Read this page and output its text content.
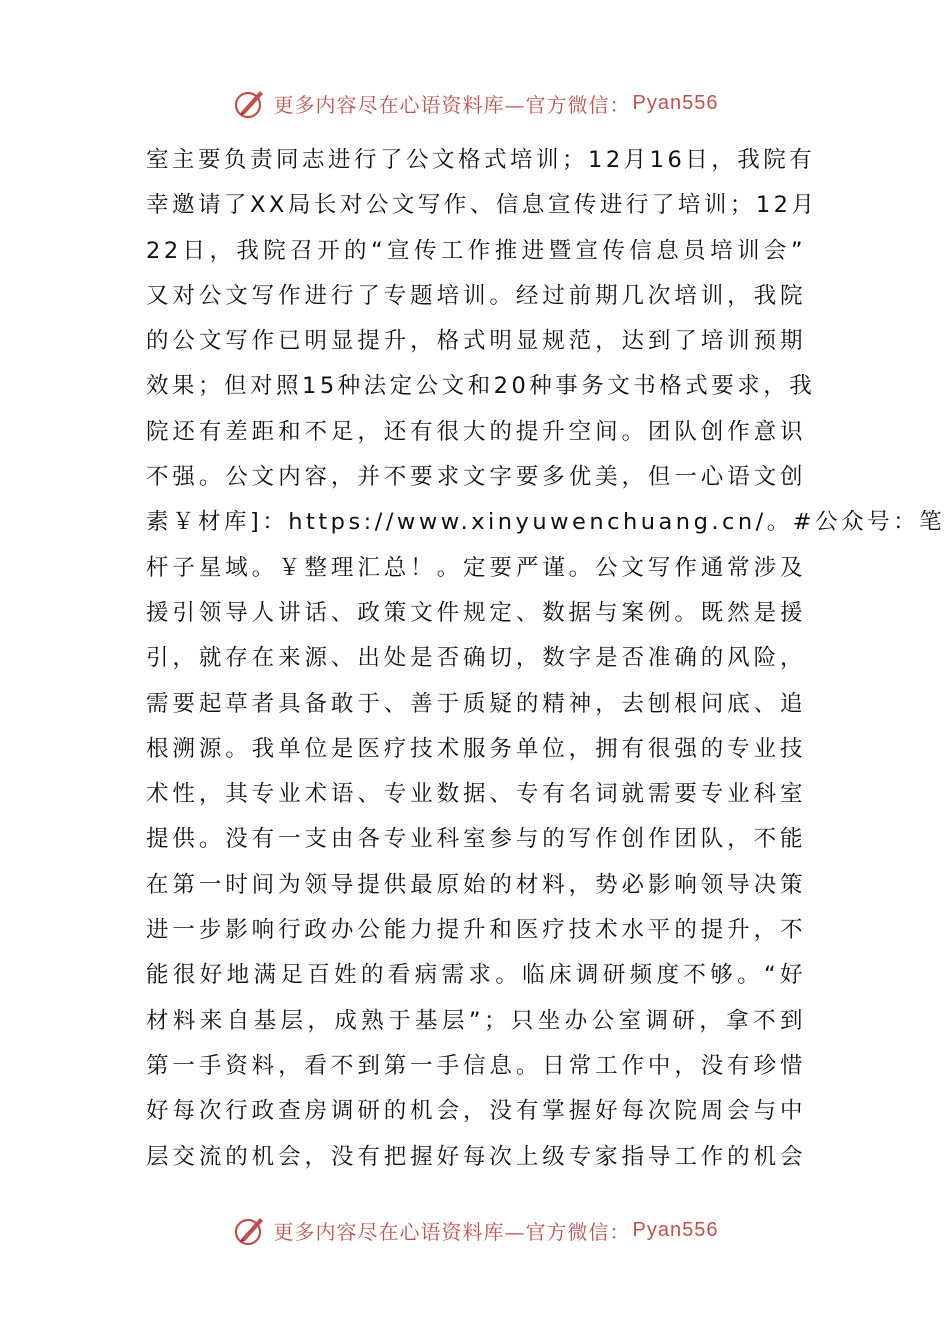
更多内容尽在心语资料库—官方微信： Pyan556
室主要负责同志进行了公文格式培训；12月16日，我院有
幸邀请了XX局长对公文写作、信息宣传进行了培训；12月
22日，我院召开的“宣传工作推进暨宣传信息员培训会”
又对公文写作进行了专题培训。经过前期几次培训，我院
的公文写作已明显提升，格式明显规范，达到了培训预期
效果；但对照15种法定公文和20种事务文书格式要求，我
院还有差距和不足，还有很大的提升空间。团队创作意识
不强。公文内容，并不要求文字要多优美，但一心语文创
素￥材库]：https://www.xinyuwenchuang.cn/。#公众号：笔
杆子星域。￥整理汇总！。定要严谨。公文写作通常涉及
援引领导人讲话、政策文件规定、数据与案例。既然是援
引，就存在来源、出处是否确切，数字是否准确的风险，
需要起草者具备敢于、善于质疑的精神，去刨根问底、追
根溯源。我单位是医疗技术服务单位，拥有很强的专业技
术性，其专业术语、专业数据、专有名词就需要专业科室
提供。没有一支由各专业科室参与的写作创作团队，不能
在第一时间为领导提供最原始的材料，势必影响领导决策
进一步影响行政办公能力提升和医疗技术水平的提升，不
能很好地满足百姓的看病需求。临床调研频度不够。“好
材料来自基层，成熟于基层”；只坐办公室调研，拿不到
第一手资料，看不到第一手信息。日常工作中，没有珍惜
好每次行政查房调研的机会，没有掌握好每次院周会与中
层交流的机会，没有把握好每次上级专家指导工作的机会
更多内容尽在心语资料库—官方微信： Pyan556
